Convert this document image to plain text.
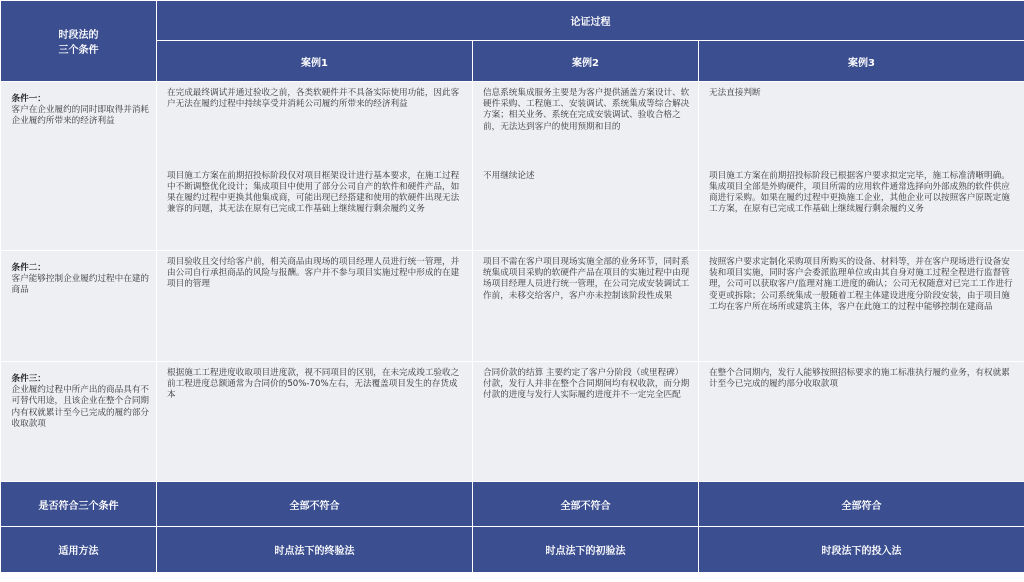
时段法的
三个条件	论证过程		
	案例1	案例2	案例3

条件一：
客户在企业履约的同时即取得并消耗企业履约所带来的经济利益	在完成最终调试并通过验收之前，各类软硬件并不具备实际使用功能，因此客户无法在履约过程中持续享受并消耗公司履约所带来的经济利益	信息系统集成服务主要是为客户提供涵盖方案设计、软硬件采购、工程施工、安装调试、系统集成等综合解决方案；相关业务、系统在完成安装调试、验收合格之前，无法达到客户的使用预期和目的	无法直接判断
	项目施工方案在前期招投标阶段仅对项目框架设计进行基本要求，在施工过程中不断调整优化设计；集成项目中使用了部分公司自产的软件和硬件产品，如果在履约过程中更换其他集成商，可能出现已经搭建和使用的软硬件出现无法兼容的问题，其无法在原有已完成工作基础上继续履行剩余履约义务	不用继续论述	项目施工方案在前期招投标阶段已根据客户要求拟定完毕，施工标准清晰明确。集成项目全部是外购硬件，项目所需的应用软件通常选择向外部成熟的软件供应商进行采购。如果在履约过程中更换施工企业，其他企业可以按照客户原既定施工方案，在原有已完成工作基础上继续履行剩余履约义务

条件二：
客户能够控制企业履约过程中在建的商品	项目验收且交付给客户前，相关商品由现场的项目经理人员进行统一管理，并由公司自行承担商品的风险与报酬。客户并不参与项目实施过程中形成的在建项目的管理	项目不需在客户项目现场实施全部的业务环节，同时系统集成项目采购的软硬件产品在项目的实施过程中由现场项目经理人员进行统一管理，在公司完成安装调试工作前，未移交给客户，客户亦未控制该阶段性成果	按照客户要求定制化采购项目所购买的设备、材料等，并在客户现场进行设备安装和项目实施，同时客户会委派监理单位或由其自身对施工过程全程进行监督管理，公司可以获取客户/监理对施工进度的确认；公司无权随意对已完工工作进行变更或拆除；公司系统集成一般随着工程主体建设进度分阶段安装，由于项目施工均在客户所在场所或建筑主体，客户在此施工的过程中能够控制在建商品

条件三：
企业履约过程中所产出的商品具有不可替代用途，且该企业在整个合同期内有权就累计至今已完成的履约部分收取款项	根据施工工程进度收取项目进度款，视不同项目的区别，在未完成竣工验收之前工程进度总额通常为合同价的50%-70%左右，无法覆盖项目发生的存货成本	合同价款的结算 主要约定了客户分阶段（或里程碑）付款，发行人并非在整个合同期间均有权收款，而分期付款的进度与发行人实际履约进度并不一定完全匹配	在整个合同期内，发行人能够按照招标要求的施工标准执行履约业务，有权就累计至今已完成的履约部分收取款项
是否符合三个条件	全部不符合	全部不符合	全部符合
适用方法	时点法下的终验法	时点法下的初验法	时段法下的投入法
